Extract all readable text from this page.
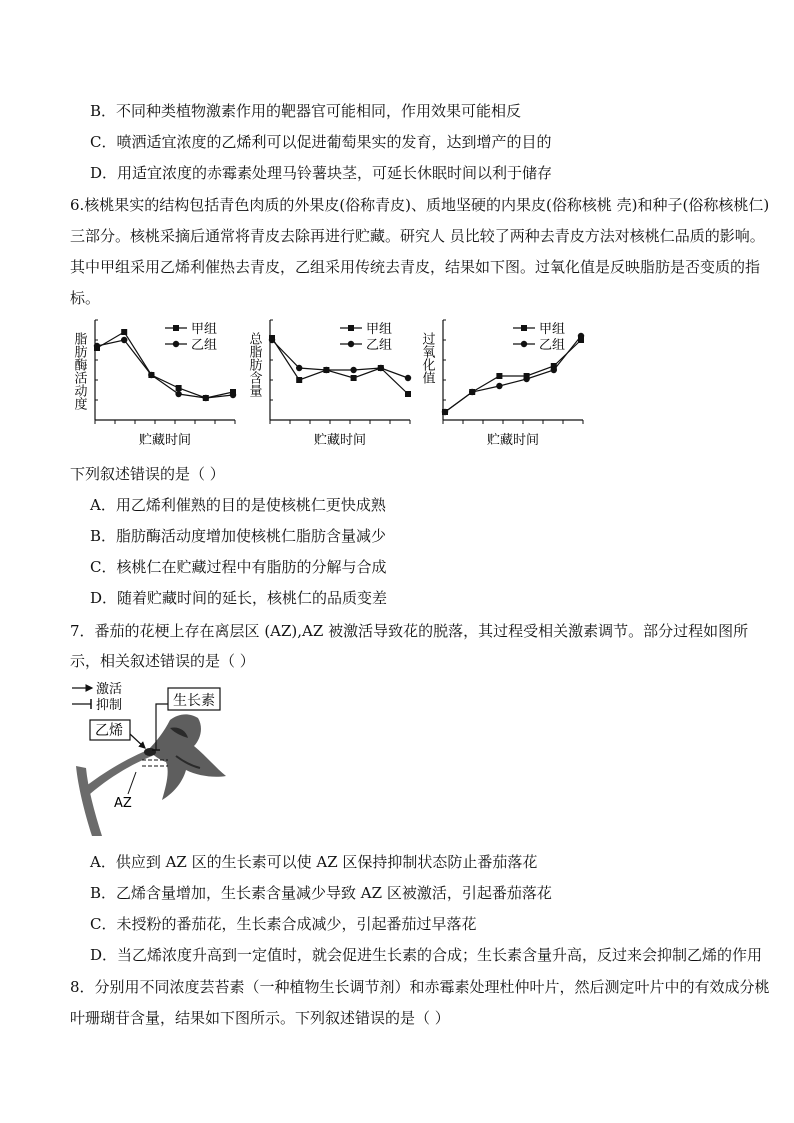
B．不同种类植物激素作用的靶器官可能相同，作用效果可能相反
C．喷洒适宜浓度的乙烯利可以促进葡萄果实的发育，达到增产的目的
D．用适宜浓度的赤霉素处理马铃薯块茎，可延长休眠时间以利于储存
6.核桃果实的结构包括青色肉质的外果皮(俗称青皮)、质地坚硬的内果皮(俗称核桃 壳)和种子(俗称核桃仁)
三部分。核桃采摘后通常将青皮去除再进行贮藏。研究人 员比较了两种去青皮方法对核桃仁品质的影响。
其中甲组采用乙烯利催热去青皮，乙组采用传统去青皮，结果如下图。过氧化值是反映脂肪是否变质的指
标。
脂肪酶活动度
贮藏时间
甲组
乙组 总脂肪含量
贮藏时间
甲组
乙组 过氧化值
贮藏时间
甲组
乙组
下列叙述错误的是（ ）
A．用乙烯利催熟的目的是使核桃仁更快成熟
B．脂肪酶活动度增加使核桃仁脂肪含量减少
C．核桃仁在贮藏过程中有脂肪的分解与合成
D．随着贮藏时间的延长，核桃仁的品质变差
7．番茄的花梗上存在离层区 (AZ),AZ 被激活导致花的脱落，其过程受相关激素调节。部分过程如图所
示，相关叙述错误的是（ ）
激活
抑制
AZ
生长素
乙烯
A．供应到 AZ 区的生长素可以使 AZ 区保持抑制状态防止番茄落花
B．乙烯含量增加，生长素含量减少导致 AZ 区被激活，引起番茄落花
C．未授粉的番茄花，生长素合成减少，引起番茄过早落花
D．当乙烯浓度升高到一定值时，就会促进生长素的合成；生长素含量升高，反过来会抑制乙烯的作用
8．分别用不同浓度芸苔素（一种植物生长调节剂）和赤霉素处理杜仲叶片，然后测定叶片中的有效成分桃
叶珊瑚苷含量，结果如下图所示。下列叙述错误的是（ ）
